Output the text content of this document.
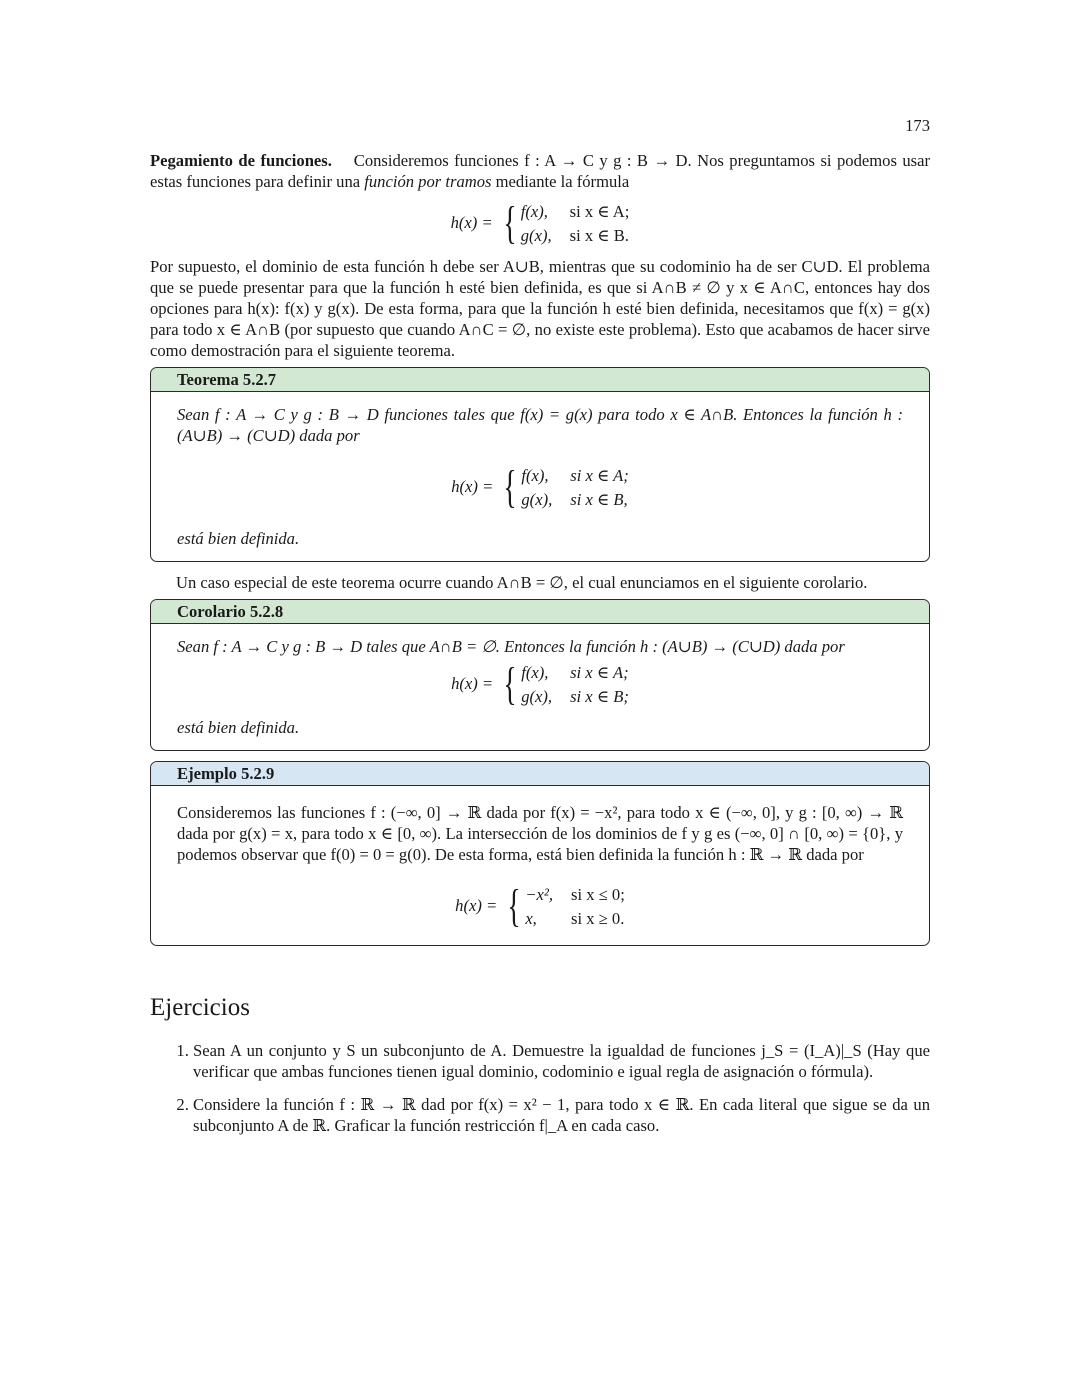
173

Pegamiento de funciones. Consideremos funciones f : A → C y g : B → D. Nos preguntamos si podemos usar estas funciones para definir una función por tramos mediante la fórmula

h(x) = { f(x), si x ∈ A;
g(x), si x ∈ B.

Por supuesto, el dominio de esta función h debe ser A∪B, mientras que su codominio ha de ser C∪D. El problema que se puede presentar para que la función h esté bien definida, es que si A∩B ≠ ∅ y x ∈ A∩C, entonces hay dos opciones para h(x): f(x) y g(x). De esta forma, para que la función h esté bien definida, necesitamos que f(x) = g(x) para todo x ∈ A∩B (por supuesto que cuando A∩C = ∅, no existe este problema). Esto que acabamos de hacer sirve como demostración para el siguiente teorema.

Teorema 5.2.7

Sean f : A → C y g : B → D funciones tales que f(x) = g(x) para todo x ∈ A∩B. Entonces la función h : (A∪B) → (C∪D) dada por

h(x) = { f(x), si x ∈ A;
g(x), si x ∈ B,

está bien definida.

Un caso especial de este teorema ocurre cuando A∩B = ∅, el cual enunciamos en el siguiente corolario.

Corolario 5.2.8

Sean f : A → C y g : B → D tales que A∩B = ∅. Entonces la función h : (A∪B) → (C∪D) dada por

h(x) = { f(x), si x ∈ A;
g(x), si x ∈ B;

está bien definida.

Ejemplo 5.2.9

Consideremos las funciones f : (−∞, 0] → ℝ dada por f(x) = −x², para todo x ∈ (−∞, 0], y g : [0, ∞) → ℝ dada por g(x) = x, para todo x ∈ [0, ∞). La intersección de los dominios de f y g es (−∞, 0] ∩ [0, ∞) = {0}, y podemos observar que f(0) = 0 = g(0). De esta forma, está bien definida la función h : ℝ → ℝ dada por

h(x) = { −x², si x ≤ 0;
x,	si x ≥ 0.
Ejercicios
1. Sean A un conjunto y S un subconjunto de A. Demuestre la igualdad de funciones j_S = (I_A)|_S (Hay que verificar que ambas funciones tienen igual dominio, codominio e igual regla de asignación o fórmula).
2. Considere la función f : ℝ → ℝ dad por f(x) = x² − 1, para todo x ∈ ℝ. En cada literal que sigue se da un subconjunto A de ℝ. Graficar la función restricción f|_A en cada caso.
